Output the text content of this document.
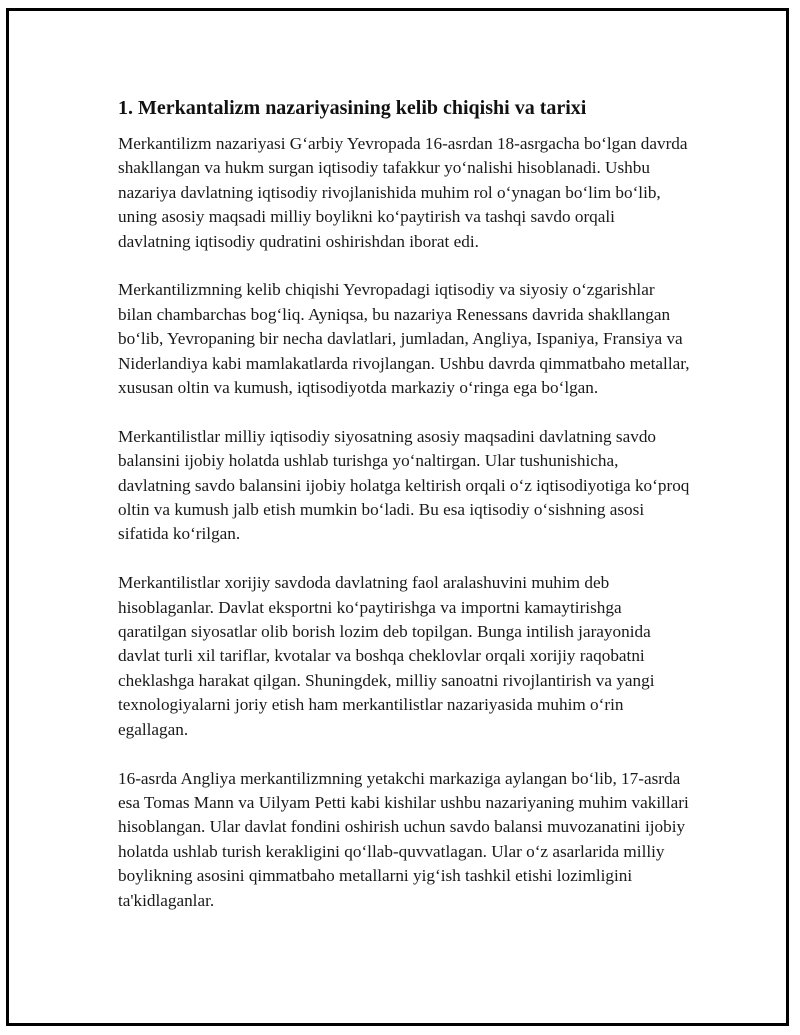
1. Merkantalizm nazariyasining kelib chiqishi va tarixi

Merkantilizm nazariyasi G‘arbiy Yevropada 16-asrdan 18-asrgacha bo‘lgan davrda shakllangan va hukm surgan iqtisodiy tafakkur yo‘nalishi hisoblanadi. Ushbu nazariya davlatning iqtisodiy rivojlanishida muhim rol o‘ynagan bo‘lim bo‘lib, uning asosiy maqsadi milliy boylikni ko‘paytirish va tashqi savdo orqali davlatning iqtisodiy qudratini oshirishdan iborat edi.

Merkantilizmning kelib chiqishi Yevropadagi iqtisodiy va siyosiy o‘zgarishlar bilan chambarchas bog‘liq. Ayniqsa, bu nazariya Renessans davrida shakllangan bo‘lib, Yevropaning bir necha davlatlari, jumladan, Angliya, Ispaniya, Fransiya va Niderlandiya kabi mamlakatlarda rivojlangan. Ushbu davrda qimmatbaho metallar, xususan oltin va kumush, iqtisodiyotda markaziy o‘ringa ega bo‘lgan.

Merkantilistlar milliy iqtisodiy siyosatning asosiy maqsadini davlatning savdo balansini ijobiy holatda ushlab turishga yo‘naltirgan. Ular tushunishicha, davlatning savdo balansini ijobiy holatga keltirish orqali o‘z iqtisodiyotiga ko‘proq oltin va kumush jalb etish mumkin bo‘ladi. Bu esa iqtisodiy o‘sishning asosi sifatida ko‘rilgan.

Merkantilistlar xorijiy savdoda davlatning faol aralashuvini muhim deb hisoblaganlar. Davlat eksportni ko‘paytirishga va importni kamaytirishga qaratilgan siyosatlar olib borish lozim deb topilgan. Bunga intilish jarayonida davlat turli xil tariflar, kvotalar va boshqa cheklovlar orqali xorijiy raqobatni cheklashga harakat qilgan. Shuningdek, milliy sanoatni rivojlantirish va yangi texnologiyalarni joriy etish ham merkantilistlar nazariyasida muhim o‘rin egallagan.

16-asrda Angliya merkantilizmning yetakchi markaziga aylangan bo‘lib, 17-asrda esa Tomas Mann va Uilyam Petti kabi kishilar ushbu nazariyaning muhim vakillari hisoblangan. Ular davlat fondini oshirish uchun savdo balansi muvozanatini ijobiy holatda ushlab turish kerakligini qo‘llab-quvvatlagan. Ular o‘z asarlarida milliy boylikning asosini qimmatbaho metallarni yig‘ish tashkil etishi lozimligini ta'kidlaganlar.
